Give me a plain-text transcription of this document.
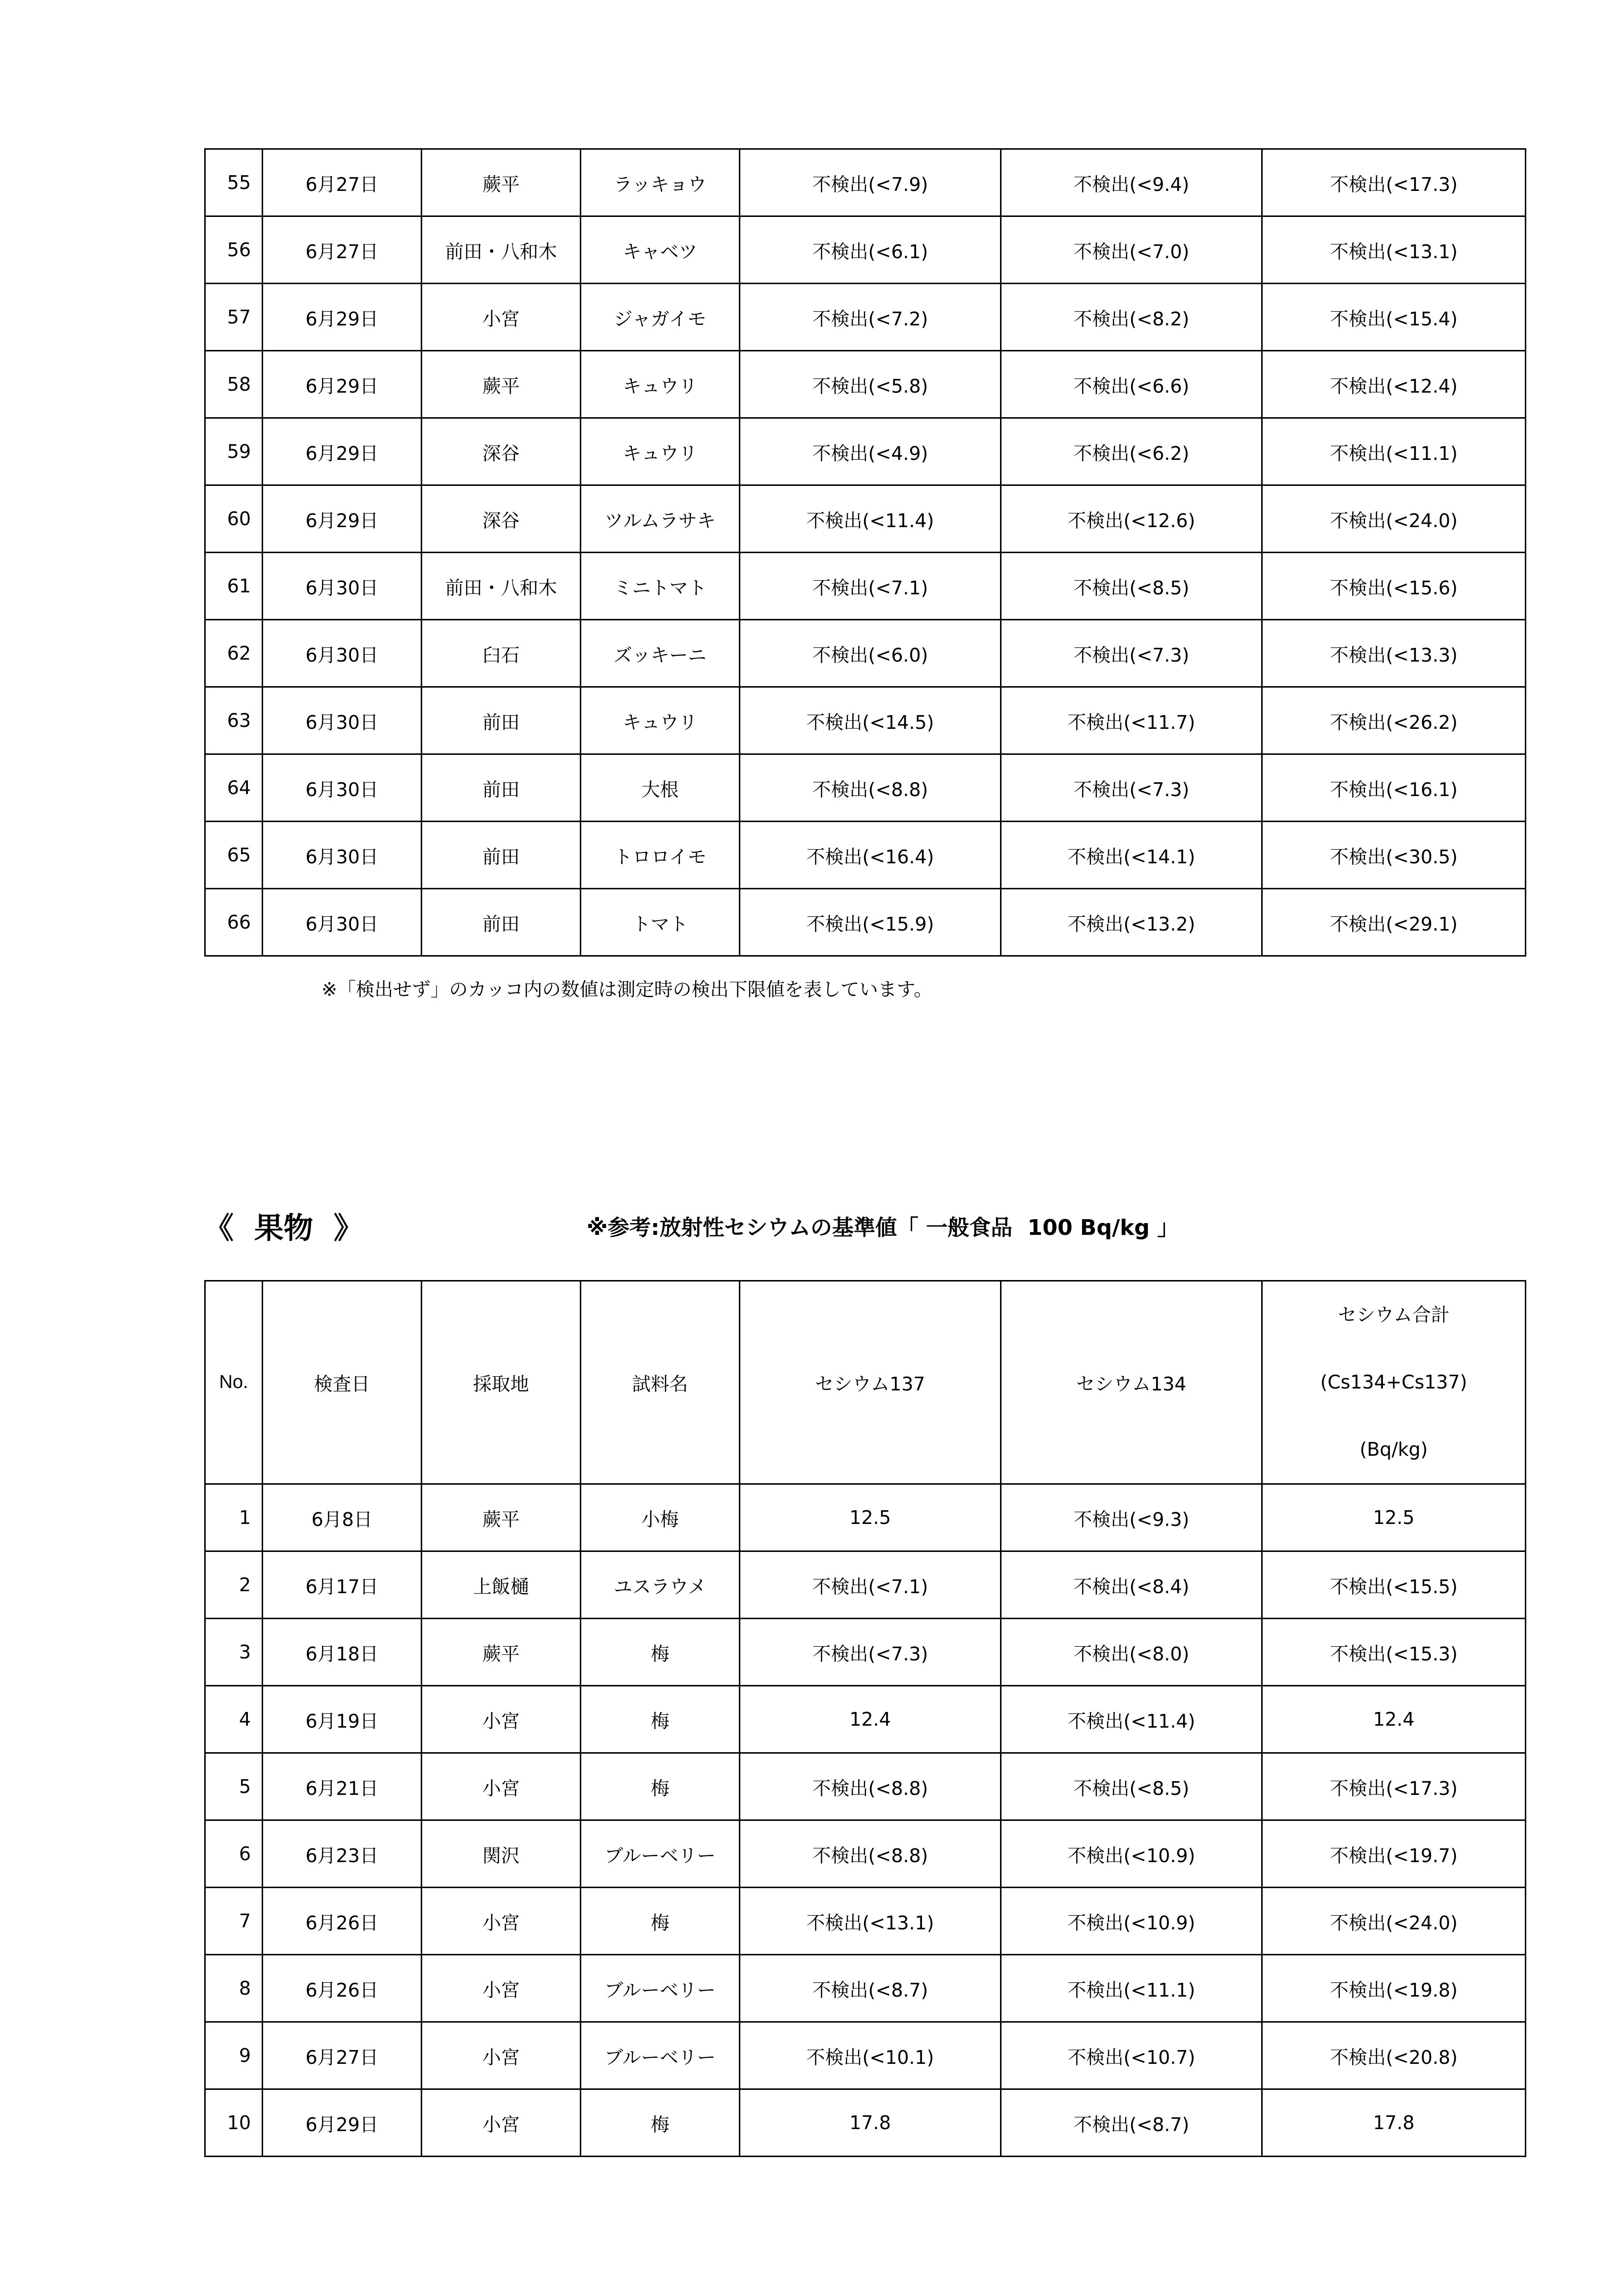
55	6月27日	蕨平	ラッキョウ	不検出(<7.9)	不検出(<9.4)	不検出(<17.3)
56	6月27日	前田・八和木	キャベツ	不検出(<6.1)	不検出(<7.0)	不検出(<13.1)
57	6月29日	小宮	ジャガイモ	不検出(<7.2)	不検出(<8.2)	不検出(<15.4)
58	6月29日	蕨平	キュウリ	不検出(<5.8)	不検出(<6.6)	不検出(<12.4)
59	6月29日	深谷	キュウリ	不検出(<4.9)	不検出(<6.2)	不検出(<11.1)
60	6月29日	深谷	ツルムラサキ	不検出(<11.4)	不検出(<12.6)	不検出(<24.0)
61	6月30日	前田・八和木	ミニトマト	不検出(<7.1)	不検出(<8.5)	不検出(<15.6)
62	6月30日	臼石	ズッキーニ	不検出(<6.0)	不検出(<7.3)	不検出(<13.3)
63	6月30日	前田	キュウリ	不検出(<14.5)	不検出(<11.7)	不検出(<26.2)
64	6月30日	前田	大根	不検出(<8.8)	不検出(<7.3)	不検出(<16.1)
65	6月30日	前田	トロロイモ	不検出(<16.4)	不検出(<14.1)	不検出(<30.5)
66	6月30日	前田	トマト	不検出(<15.9)	不検出(<13.2)	不検出(<29.1)
※「検出せず」のカッコ内の数値は測定時の検出下限値を表しています。
《  果物  》	※参考:放射性セシウムの基準値「 一般食品  100 Bq/kg 」
No.	検査日	採取地	試料名	セシウム137	セシウム134	セシウム合計
(Cs134+Cs137)
(Bq/kg)

1	6月8日	蕨平	小梅	12.5	不検出(<9.3)	12.5
2	6月17日	上飯樋	ユスラウメ	不検出(<7.1)	不検出(<8.4)	不検出(<15.5)
3	6月18日	蕨平	梅	不検出(<7.3)	不検出(<8.0)	不検出(<15.3)
4	6月19日	小宮	梅	12.4	不検出(<11.4)	12.4
5	6月21日	小宮	梅	不検出(<8.8)	不検出(<8.5)	不検出(<17.3)
6	6月23日	関沢	ブルーベリー	不検出(<8.8)	不検出(<10.9)	不検出(<19.7)
7	6月26日	小宮	梅	不検出(<13.1)	不検出(<10.9)	不検出(<24.0)
8	6月26日	小宮	ブルーベリー	不検出(<8.7)	不検出(<11.1)	不検出(<19.8)
9	6月27日	小宮	ブルーベリー	不検出(<10.1)	不検出(<10.7)	不検出(<20.8)
10	6月29日	小宮	梅	17.8	不検出(<8.7)	17.8
